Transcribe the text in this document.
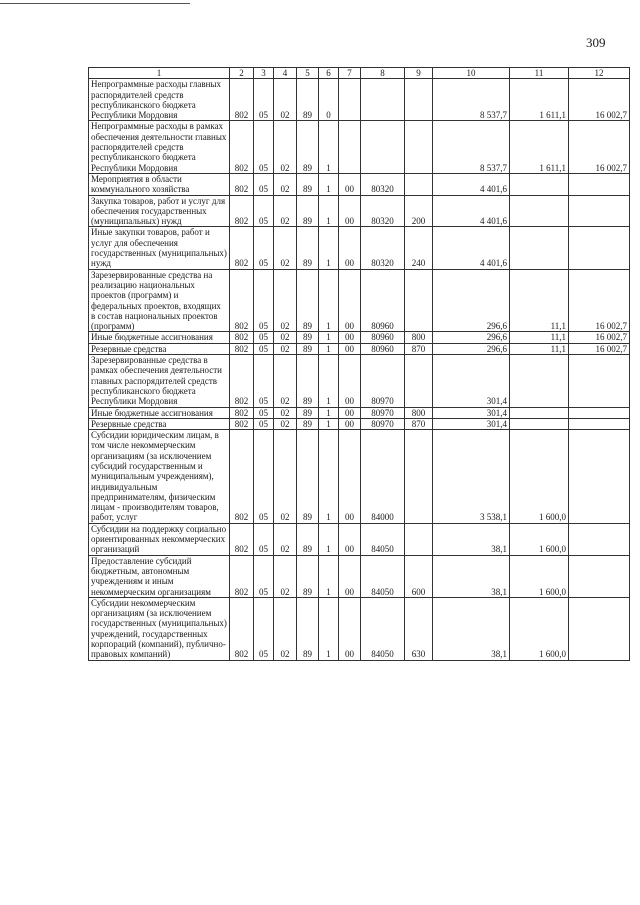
309
1	2	3	4	5	6	7	8	9	10	11	12
Непрограммные расходы главных распорядителей средств республиканского бюджета Республики Мордовия	802	05	02	89	0				8 537,7	1 611,1	16 002,7
Непрограммные расходы в рамках обеспечения деятельности главных распорядителей средств республиканского бюджета Республики Мордовия	802	05	02	89	1				8 537,7	1 611,1	16 002,7
Мероприятия в области коммунального хозяйства	802	05	02	89	1	00	80320		4 401,6		
Закупка товаров, работ и услуг для обеспечения государственных (муниципальных) нужд	802	05	02	89	1	00	80320	200	4 401,6		
Иные закупки товаров, работ и услуг для обеспечения государственных (муниципальных) нужд	802	05	02	89	1	00	80320	240	4 401,6		
Зарезервированные средства на реализацию национальных проектов (программ) и федеральных проектов, входящих в состав национальных проектов (программ)	802	05	02	89	1	00	80960		296,6	11,1	16 002,7
Иные бюджетные ассигнования	802	05	02	89	1	00	80960	800	296,6	11,1	16 002,7
Резервные средства	802	05	02	89	1	00	80960	870	296,6	11,1	16 002,7
Зарезервированные средства в рамках обеспечения деятельности главных распорядителей средств республиканского бюджета Республики Мордовия	802	05	02	89	1	00	80970		301,4		
Иные бюджетные ассигнования	802	05	02	89	1	00	80970	800	301,4		
Резервные средства	802	05	02	89	1	00	80970	870	301,4		
Субсидии юридическим лицам, в том числе некоммерческим организациям (за исключением субсидий государственным и муниципальным учреждениям), индивидуальным предпринимателям, физическим лицам - производителям товаров, работ, услуг	802	05	02	89	1	00	84000		3 538,1	1 600,0	
Субсидии на поддержку социально ориентированных некоммерческих организаций	802	05	02	89	1	00	84050		38,1	1 600,0	
Предоставление субсидий бюджетным, автономным учреждениям и иным некоммерческим организациям	802	05	02	89	1	00	84050	600	38,1	1 600,0	
Субсидии некоммерческим организациям (за исключением государственных (муниципальных) учреждений, государственных корпораций (компаний), публично-правовых компаний)	802	05	02	89	1	00	84050	630	38,1	1 600,0	
